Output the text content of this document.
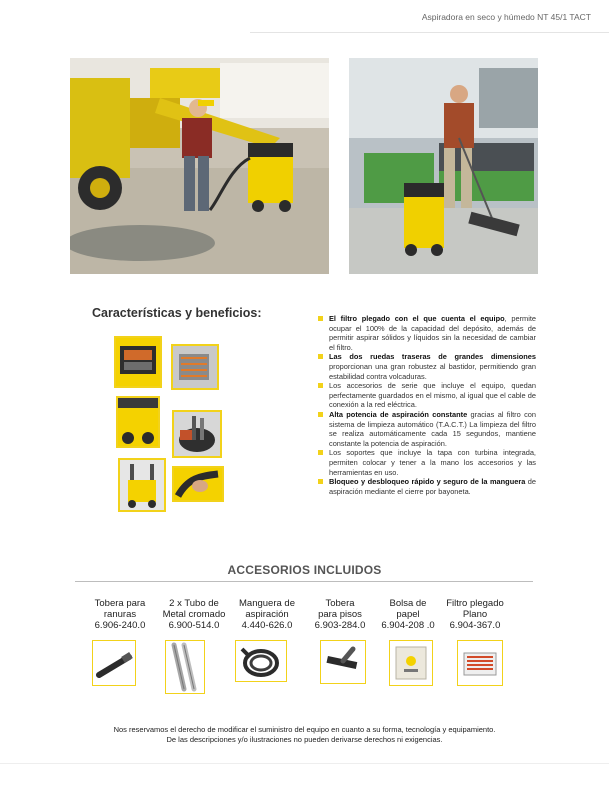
Aspiradora en seco y húmedo NT 45/1 TACT
Características y beneficios:	El filtro plegado con el que cuenta el equipo, permite ocupar el 100% de la capacidad del depósito, además de permitir aspirar sólidos y líquidos sin la necesidad de cambiar el filtro.
Las dos ruedas traseras de grandes dimensiones proporcionan una gran robustez al bastidor, permitiendo gran estabilidad contra volcaduras.
Los accesorios de serie que incluye el equipo, quedan perfectamente guardados en el mismo, al igual que el cable de conexión a la red eléctrica.
Alta potencia de aspiración constante gracias al filtro con sistema de limpieza automático (T.A.C.T.) La limpieza del filtro se realiza automáticamente cada 15 segundos, mantiene constante la potencia de aspiración.
Los soportes que incluye la tapa con turbina integrada, permiten colocar y tener a la mano los accesorios y las herramientas en uso.
Bloqueo y desbloqueo rápido y seguro de la manguera de aspiración mediante el cierre por bayoneta.
ACCESORIOS INCLUIDOS
Tobera para
ranuras
6.906-240.0
2 x Tubo de
Metal cromado
6.900-514.0
Manguera de
aspiración
4.440-626.0
Tobera
para pisos
6.903-284.0
Bolsa de
papel
6.904-208 .0
Filtro plegado
Plano
6.904-367.0
Nos reservamos el derecho de modificar el suministro del equipo en cuanto a su forma, tecnología y equipamiento.
De las descripciones y/o ilustraciones no pueden derivarse derechos ni exigencias.
